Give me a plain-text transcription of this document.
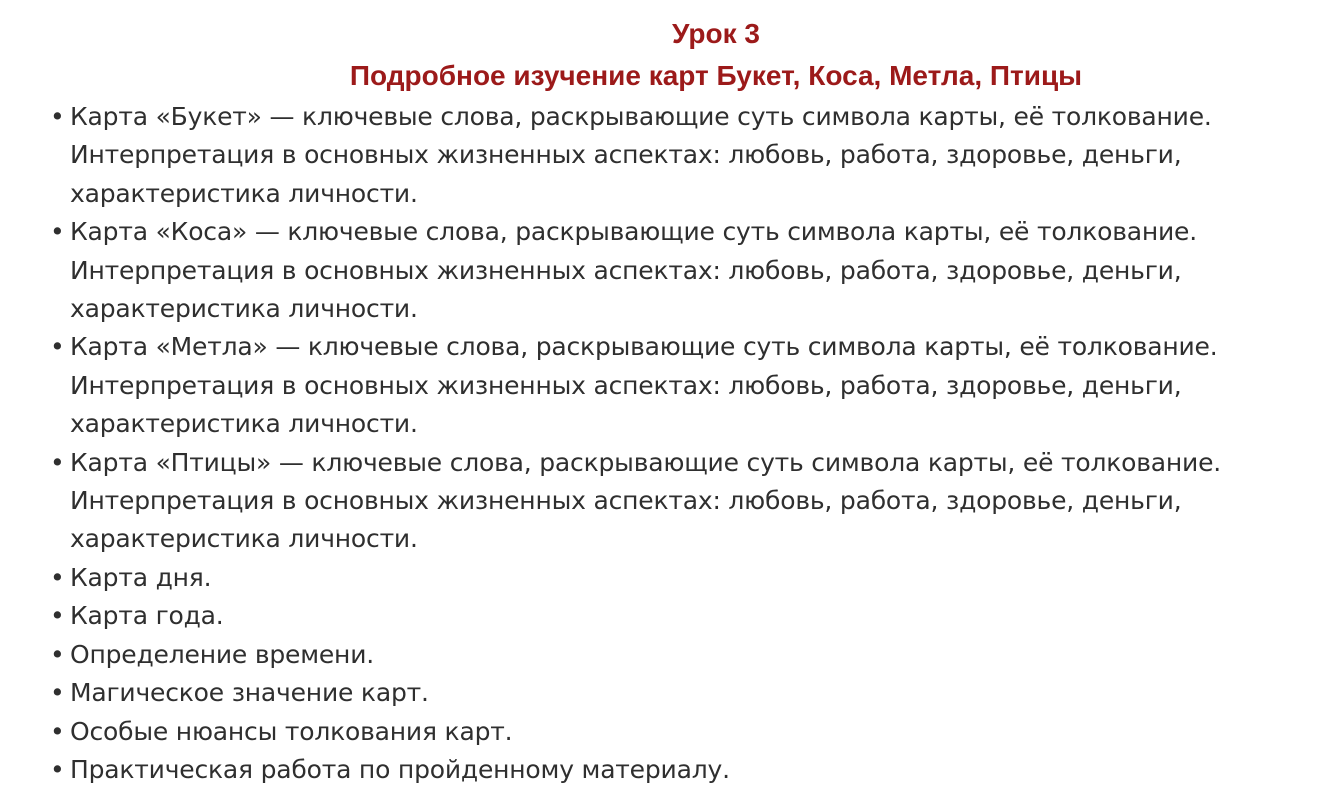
Урок 3
Подробное изучение карт Букет, Коса, Метла, Птицы
• Карта «Букет» — ключевые слова, раскрывающие суть символа карты, её толкование. Интерпретация в основных жизненных аспектах: любовь, работа, здоровье, деньги, характеристика личности.
• Карта «Коса» — ключевые слова, раскрывающие суть символа карты, её толкование. Интерпретация в основных жизненных аспектах: любовь, работа, здоровье, деньги, характеристика личности.
• Карта «Метла» — ключевые слова, раскрывающие суть символа карты, её толкование. Интерпретация в основных жизненных аспектах: любовь, работа, здоровье, деньги, характеристика личности.
• Карта «Птицы» — ключевые слова, раскрывающие суть символа карты, её толкование. Интерпретация в основных жизненных аспектах: любовь, работа, здоровье, деньги, характеристика личности.
• Карта дня.
• Карта года.
• Определение времени.
• Магическое значение карт.
• Особые нюансы толкования карт.
• Практическая работа по пройденному материалу.
